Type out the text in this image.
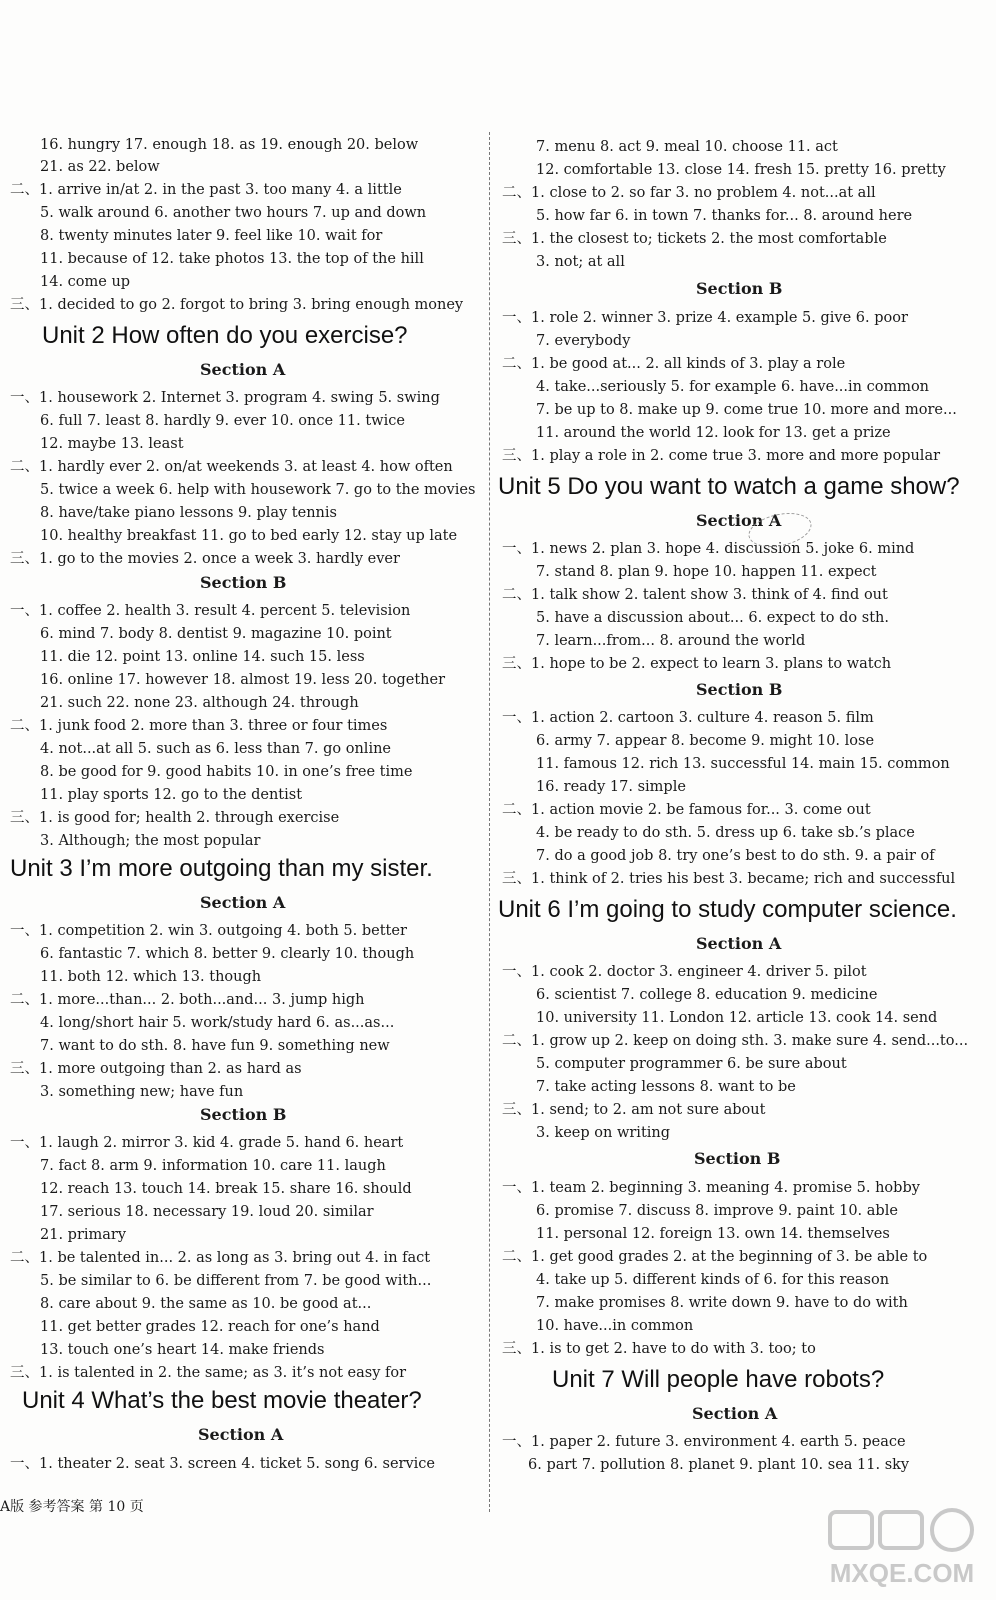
16. hungry 17. enough 18. as 19. enough 20. below
21. as 22. below
二、1. arrive in/at 2. in the past 3. too many 4. a little
5. walk around 6. another two hours 7. up and down
8. twenty minutes later 9. feel like 10. wait for
11. because of 12. take photos 13. the top of the hill
14. come up
三、1. decided to go 2. forgot to bring 3. bring enough money
Unit 2 How often do you exercise?
Section A
一、1. housework 2. Internet 3. program 4. swing 5. swing
6. full 7. least 8. hardly 9. ever 10. once 11. twice
12. maybe 13. least
二、1. hardly ever 2. on/at weekends 3. at least 4. how often
5. twice a week 6. help with housework 7. go to the movies
8. have/take piano lessons 9. play tennis
10. healthy breakfast 11. go to bed early 12. stay up late
三、1. go to the movies 2. once a week 3. hardly ever
Section B
一、1. coffee 2. health 3. result 4. percent 5. television
6. mind 7. body 8. dentist 9. magazine 10. point
11. die 12. point 13. online 14. such 15. less
16. online 17. however 18. almost 19. less 20. together
21. such 22. none 23. although 24. through
二、1. junk food 2. more than 3. three or four times
4. not...at all 5. such as 6. less than 7. go online
8. be good for 9. good habits 10. in one’s free time
11. play sports 12. go to the dentist
三、1. is good for; health 2. through exercise
3. Although; the most popular
Unit 3 I’m more outgoing than my sister.
Section A
一、1. competition 2. win 3. outgoing 4. both 5. better
6. fantastic 7. which 8. better 9. clearly 10. though
11. both 12. which 13. though
二、1. more...than... 2. both...and... 3. jump high
4. long/short hair 5. work/study hard 6. as...as...
7. want to do sth. 8. have fun 9. something new
三、1. more outgoing than 2. as hard as
3. something new; have fun
Section B
一、1. laugh 2. mirror 3. kid 4. grade 5. hand 6. heart
7. fact 8. arm 9. information 10. care 11. laugh
12. reach 13. touch 14. break 15. share 16. should
17. serious 18. necessary 19. loud 20. similar
21. primary
二、1. be talented in... 2. as long as 3. bring out 4. in fact
5. be similar to 6. be different from 7. be good with...
8. care about 9. the same as 10. be good at...
11. get better grades 12. reach for one’s hand
13. touch one’s heart 14. make friends
三、1. is talented in 2. the same; as 3. it’s not easy for
Unit 4 What’s the best movie theater?
Section A
一、1. theater 2. seat 3. screen 4. ticket 5. song 6. service
7. menu 8. act 9. meal 10. choose 11. act
12. comfortable 13. close 14. fresh 15. pretty 16. pretty
二、1. close to 2. so far 3. no problem 4. not...at all
5. how far 6. in town 7. thanks for... 8. around here
三、1. the closest to; tickets 2. the most comfortable
3. not; at all
Section B
一、1. role 2. winner 3. prize 4. example 5. give 6. poor
7. everybody
二、1. be good at... 2. all kinds of 3. play a role
4. take...seriously 5. for example 6. have...in common
7. be up to 8. make up 9. come true 10. more and more...
11. around the world 12. look for 13. get a prize
三、1. play a role in 2. come true 3. more and more popular
Unit 5 Do you want to watch a game show?
Section A
一、1. news 2. plan 3. hope 4. discussion 5. joke 6. mind
7. stand 8. plan 9. hope 10. happen 11. expect
二、1. talk show 2. talent show 3. think of 4. find out
5. have a discussion about... 6. expect to do sth.
7. learn...from... 8. around the world
三、1. hope to be 2. expect to learn 3. plans to watch
Section B
一、1. action 2. cartoon 3. culture 4. reason 5. film
6. army 7. appear 8. become 9. might 10. lose
11. famous 12. rich 13. successful 14. main 15. common
16. ready 17. simple
二、1. action movie 2. be famous for... 3. come out
4. be ready to do sth. 5. dress up 6. take sb.’s place
7. do a good job 8. try one’s best to do sth. 9. a pair of
三、1. think of 2. tries his best 3. became; rich and successful
Unit 6 I’m going to study computer science.
Section A
一、1. cook 2. doctor 3. engineer 4. driver 5. pilot
6. scientist 7. college 8. education 9. medicine
10. university 11. London 12. article 13. cook 14. send
二、1. grow up 2. keep on doing sth. 3. make sure 4. send...to...
5. computer programmer 6. be sure about
7. take acting lessons 8. want to be
三、1. send; to 2. am not sure about
3. keep on writing
Section B
一、1. team 2. beginning 3. meaning 4. promise 5. hobby
6. promise 7. discuss 8. improve 9. paint 10. able
11. personal 12. foreign 13. own 14. themselves
二、1. get good grades 2. at the beginning of 3. be able to
4. take up 5. different kinds of 6. for this reason
7. make promises 8. write down 9. have to do with
10. have...in common
三、1. is to get 2. have to do with 3. too; to
Unit 7 Will people have robots?
Section A
一、1. paper 2. future 3. environment 4. earth 5. peace
6. part 7. pollution 8. planet 9. plant 10. sea 11. sky
A版 参考答案 第 10 页
MXQE.COM
